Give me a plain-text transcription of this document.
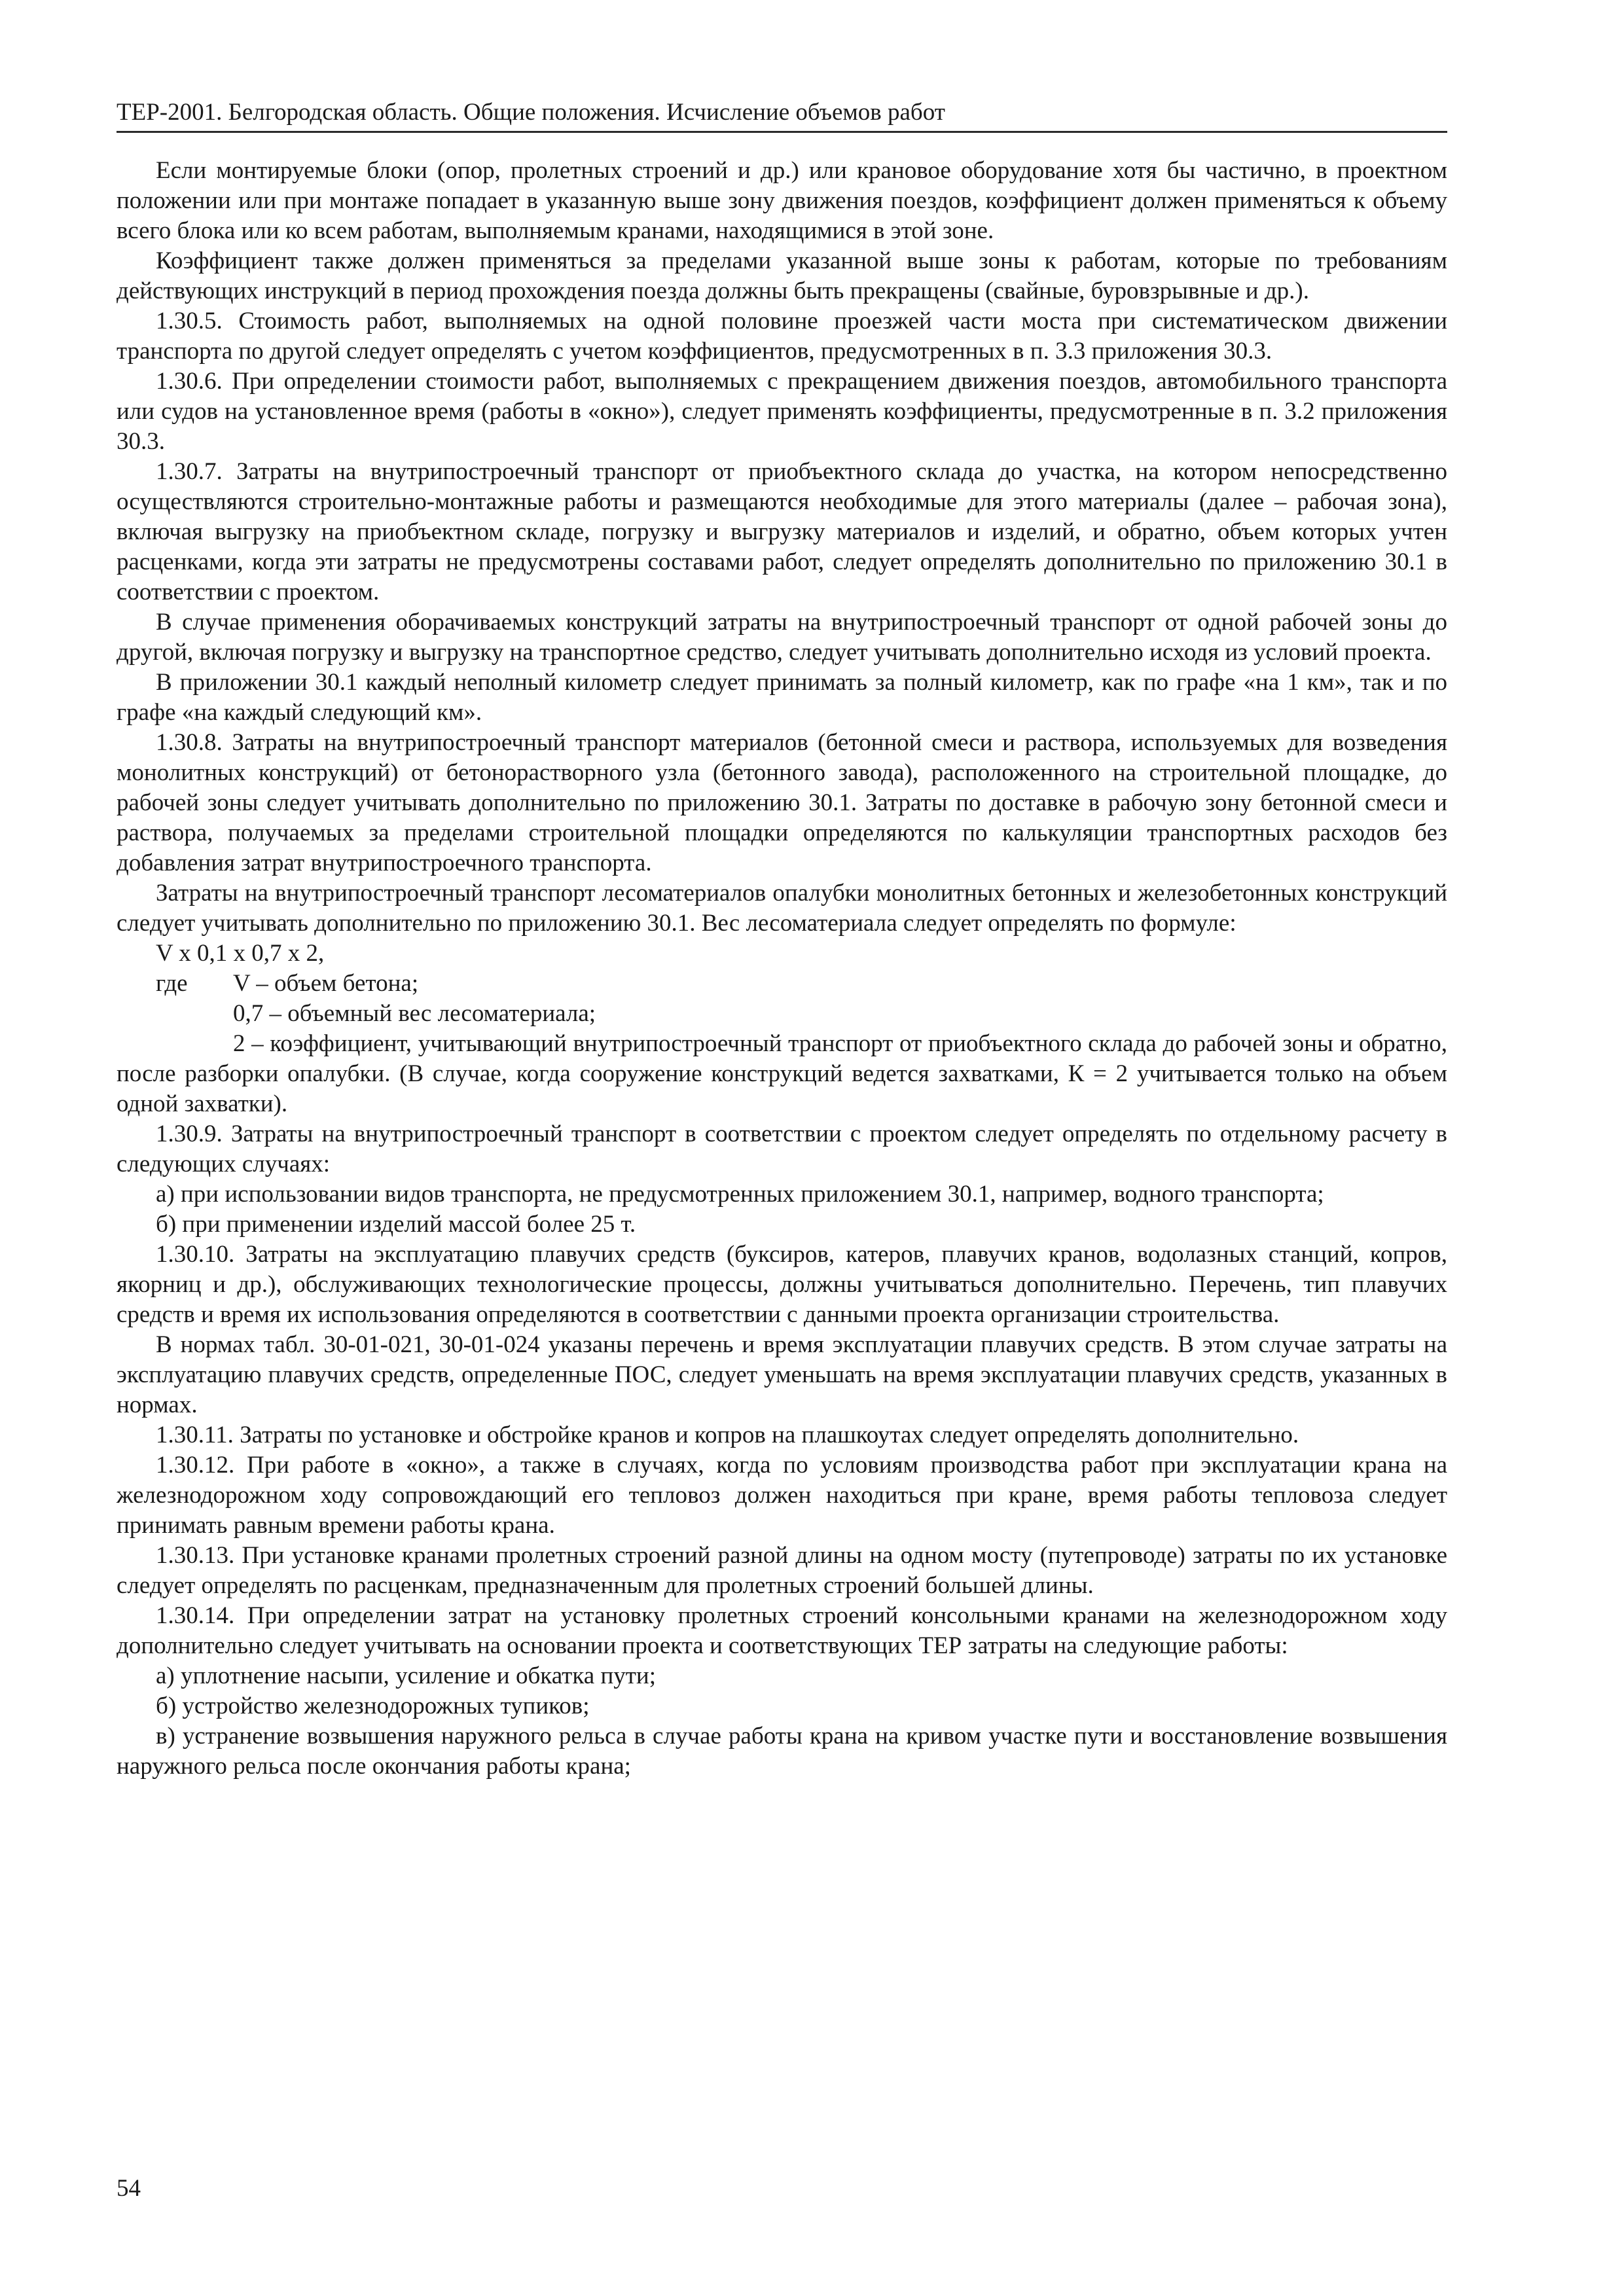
ТЕР-2001. Белгородская область. Общие положения. Исчисление объемов работ

Если монтируемые блоки (опор, пролетных строений и др.) или крановое оборудование хотя бы частично, в проектном положении или при монтаже попадает в указанную выше зону движения поездов, коэффициент должен применяться к объему всего блока или ко всем работам, выполняемым кранами, находящимися в этой зоне.

Коэффициент также должен применяться за пределами указанной выше зоны к работам, которые по требованиям действующих инструкций в период прохождения поезда должны быть прекращены (свайные, буровзрывные и др.).

1.30.5. Стоимость работ, выполняемых на одной половине проезжей части моста при систематическом движении транспорта по другой следует определять с учетом коэффициентов, предусмотренных в п. 3.3 приложения 30.3.

1.30.6. При определении стоимости работ, выполняемых с прекращением движения поездов, автомобильного транспорта или судов на установленное время (работы в «окно»), следует применять коэффициенты, предусмотренные в п. 3.2 приложения 30.3.

1.30.7. Затраты на внутрипостроечный транспорт от приобъектного склада до участка, на котором непосредственно осуществляются строительно-монтажные работы и размещаются необходимые для этого материалы (далее – рабочая зона), включая выгрузку на приобъектном складе, погрузку и выгрузку материалов и изделий, и обратно, объем которых учтен расценками, когда эти затраты не предусмотрены составами работ, следует определять дополнительно по приложению 30.1 в соответствии с проектом.

В случае применения оборачиваемых конструкций затраты на внутрипостроечный транспорт от одной рабочей зоны до другой, включая погрузку и выгрузку на транспортное средство, следует учитывать дополнительно исходя из условий проекта.

В приложении 30.1 каждый неполный километр следует принимать за полный километр, как по графе «на 1 км», так и по графе «на каждый следующий км».

1.30.8. Затраты на внутрипостроечный транспорт материалов (бетонной смеси и раствора, используемых для возведения монолитных конструкций) от бетонорастворного узла (бетонного завода), расположенного на строительной площадке, до рабочей зоны следует учитывать дополнительно по приложению 30.1. Затраты по доставке в рабочую зону бетонной смеси и раствора, получаемых за пределами строительной площадки определяются по калькуляции транспортных расходов без добавления затрат внутрипостроечного транспорта.

Затраты на внутрипостроечный транспорт лесоматериалов опалубки монолитных бетонных и железобетонных конструкций следует учитывать дополнительно по приложению 30.1. Вес лесоматериала следует определять по формуле:

V x 0,1 x 0,7 x 2,
где	V – объем бетона;
0,7 – объемный вес лесоматериала;
2 – коэффициент, учитывающий внутрипостроечный транспорт от приобъектного склада до рабочей зоны и обратно, после разборки опалубки. (В случае, когда сооружение конструкций ведется захватками, К = 2 учитывается только на объем одной захватки).

1.30.9. Затраты на внутрипостроечный транспорт в соответствии с проектом следует определять по отдельному расчету в следующих случаях:

а) при использовании видов транспорта, не предусмотренных приложением 30.1, например, водного транспорта;

б) при применении изделий массой более 25 т.

1.30.10. Затраты на эксплуатацию плавучих средств (буксиров, катеров, плавучих кранов, водолазных станций, копров, якорниц и др.), обслуживающих технологические процессы, должны учитываться дополнительно. Перечень, тип плавучих средств и время их использования определяются в соответствии с данными проекта организации строительства.

В нормах табл. 30-01-021, 30-01-024 указаны перечень и время эксплуатации плавучих средств. В этом случае затраты на эксплуатацию плавучих средств, определенные ПОС, следует уменьшать на время эксплуатации плавучих средств, указанных в нормах.

1.30.11. Затраты по установке и обстройке кранов и копров на плашкоутах следует определять дополнительно.

1.30.12. При работе в «окно», а также в случаях, когда по условиям производства работ при эксплуатации крана на железнодорожном ходу сопровождающий его тепловоз должен находиться при кране, время работы тепловоза следует принимать равным времени работы крана.

1.30.13. При установке кранами пролетных строений разной длины на одном мосту (путепроводе) затраты по их установке следует определять по расценкам, предназначенным для пролетных строений большей длины.

1.30.14. При определении затрат на установку пролетных строений консольными кранами на железнодорожном ходу дополнительно следует учитывать на основании проекта и соответствующих ТЕР затраты на следующие работы:

а) уплотнение насыпи, усиление и обкатка пути;

б) устройство железнодорожных тупиков;

в) устранение возвышения наружного рельса в случае работы крана на кривом участке пути и восстановление возвышения наружного рельса после окончания работы крана;

54
